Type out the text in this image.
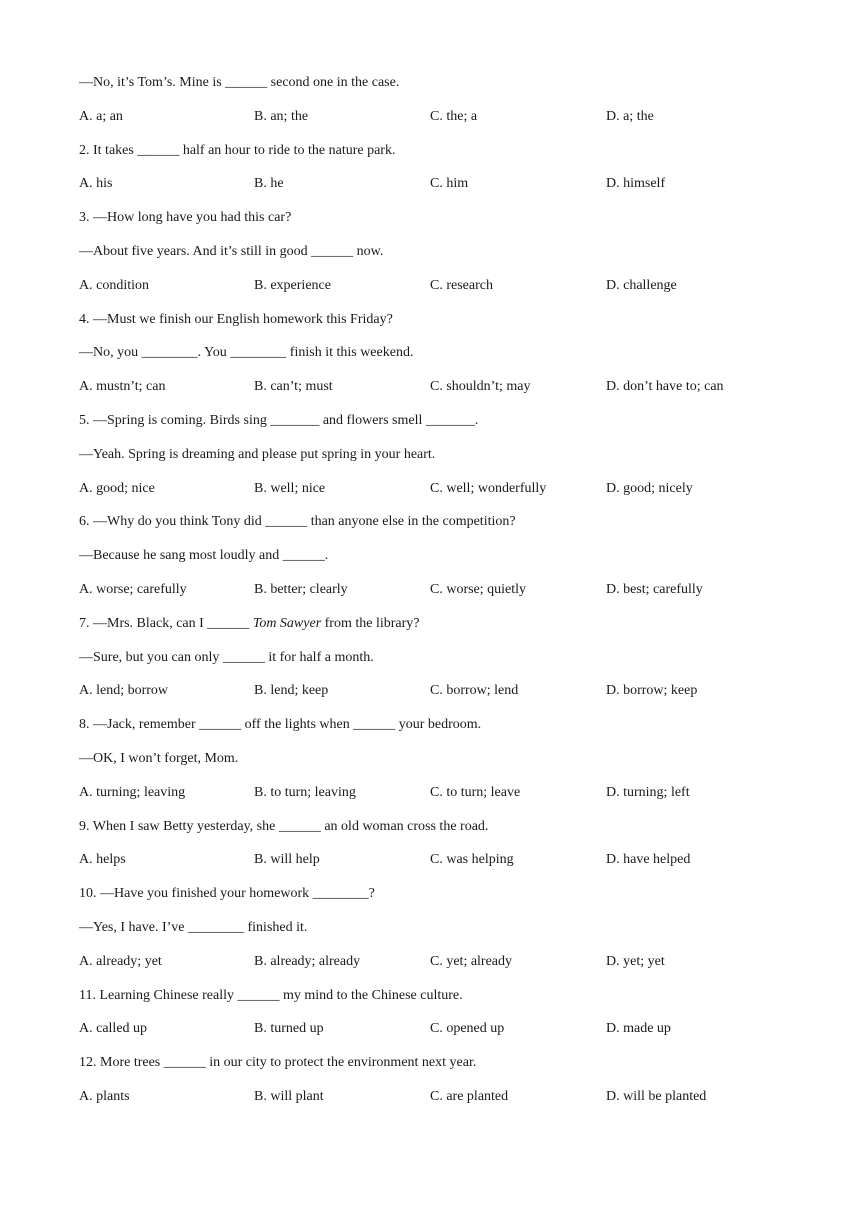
—No, it’s Tom’s. Mine is ______ second one in the case.
A. a; an	B. an; the	C. the; a	D. a; the
2. It takes ______ half an hour to ride to the nature park.
A. his	B. he	C. him	D. himself
3. —How long have you had this car?
—About five years. And it’s still in good ______ now.
A. condition	B. experience	C. research	D. challenge
4. —Must we finish our English homework this Friday?
—No, you ________. You ________ finish it this weekend.
A. mustn’t; can	B. can’t; must	C. shouldn’t; may	D. don’t have to; can
5. —Spring is coming. Birds sing _______ and flowers smell _______.
—Yeah. Spring is dreaming and please put spring in your heart.
A. good; nice	B. well; nice	C. well; wonderfully	D. good; nicely
6. —Why do you think Tony did ______ than anyone else in the competition?
—Because he sang most loudly and ______.
A. worse; carefully	B. better; clearly	C. worse; quietly	D. best; carefully
7. —Mrs. Black, can I ______ Tom Sawyer from the library?
—Sure, but you can only ______ it for half a month.
A. lend; borrow	B. lend; keep	C. borrow; lend	D. borrow; keep
8. —Jack, remember ______ off the lights when ______ your bedroom.
—OK, I won’t forget, Mom.
A. turning; leaving	B. to turn; leaving	C. to turn; leave	D. turning; left
9. When I saw Betty yesterday, she ______ an old woman cross the road.
A. helps	B. will help	C. was helping	D. have helped
10. —Have you finished your homework ________?
—Yes, I have. I’ve ________ finished it.
A. already; yet	B. already; already	C. yet; already	D. yet; yet
11. Learning Chinese really ______ my mind to the Chinese culture.
A. called up	B. turned up	C. opened up	D. made up
12. More trees ______ in our city to protect the environment next year.
A. plants	B. will plant	C. are planted	D. will be planted
